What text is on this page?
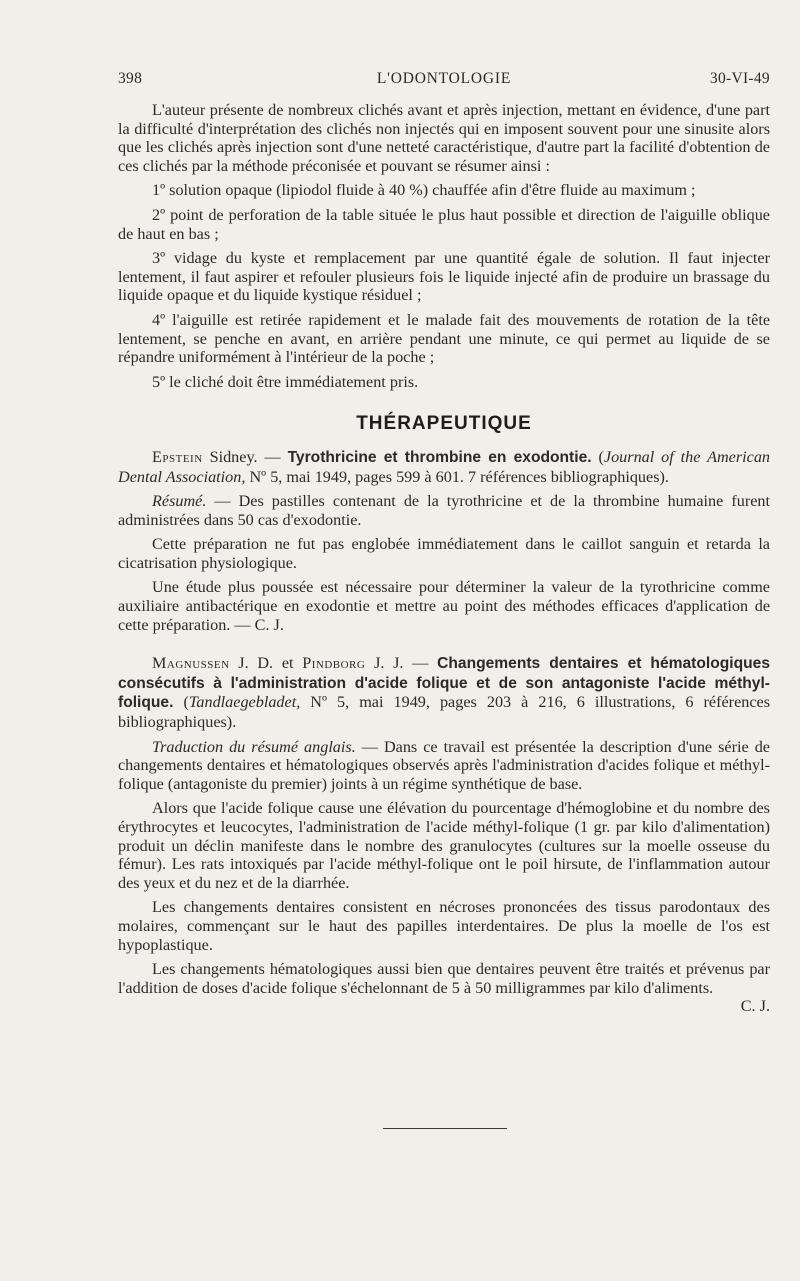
398	L'ODONTOLOGIE	30-VI-49

L'auteur présente de nombreux clichés avant et après injection, mettant en évidence, d'une part la difficulté d'interprétation des clichés non injectés qui en imposent souvent pour une sinusite alors que les clichés après injection sont d'une netteté caractéristique, d'autre part la facilité d'obtention de ces clichés par la méthode préconisée et pouvant se résumer ainsi :

1º solution opaque (lipiodol fluide à 40 %) chauffée afin d'être fluide au maximum ;

2º point de perforation de la table située le plus haut possible et direction de l'aiguille oblique de haut en bas ;

3º vidage du kyste et remplacement par une quantité égale de solution. Il faut injecter lentement, il faut aspirer et refouler plusieurs fois le liquide injecté afin de produire un brassage du liquide opaque et du liquide kystique résiduel ;

4º l'aiguille est retirée rapidement et le malade fait des mouvements de rotation de la tête lentement, se penche en avant, en arrière pendant une minute, ce qui permet au liquide de se répandre uniformément à l'intérieur de la poche ;

5º le cliché doit être immédiatement pris.

THÉRAPEUTIQUE

Epstein Sidney. — Tyrothricine et thrombine en exodontie. (Journal of the American Dental Association, Nº 5, mai 1949, pages 599 à 601. 7 références bibliographiques).

Résumé. — Des pastilles contenant de la tyrothricine et de la thrombine humaine furent administrées dans 50 cas d'exodontie.

Cette préparation ne fut pas englobée immédiatement dans le caillot sanguin et retarda la cicatrisation physiologique.

Une étude plus poussée est nécessaire pour déterminer la valeur de la tyrothricine comme auxiliaire antibactérique en exodontie et mettre au point des méthodes efficaces d'application de cette préparation. — C. J.

Magnussen J. D. et Pindborg J. J. — Changements dentaires et hématologiques consécutifs à l'administration d'acide folique et de son antagoniste l'acide méthyl-folique. (Tandlaegebladet, Nº 5, mai 1949, pages 203 à 216, 6 illustrations, 6 références bibliographiques).

Traduction du résumé anglais. — Dans ce travail est présentée la description d'une série de changements dentaires et hématologiques observés après l'administration d'acides folique et méthyl-folique (antagoniste du premier) joints à un régime synthétique de base.

Alors que l'acide folique cause une élévation du pourcentage d'hémoglobine et du nombre des érythrocytes et leucocytes, l'administration de l'acide méthyl-folique (1 gr. par kilo d'alimentation) produit un déclin manifeste dans le nombre des granulocytes (cultures sur la moelle osseuse du fémur). Les rats intoxiqués par l'acide méthyl-folique ont le poil hirsute, de l'inflammation autour des yeux et du nez et de la diarrhée.

Les changements dentaires consistent en nécroses prononcées des tissus parodontaux des molaires, commençant sur le haut des papilles interdentaires. De plus la moelle de l'os est hypoplastique.

Les changements hématologiques aussi bien que dentaires peuvent être traités et prévenus par l'addition de doses d'acide folique s'échelonnant de 5 à 50 milligrammes par kilo d'aliments.
C. J.
